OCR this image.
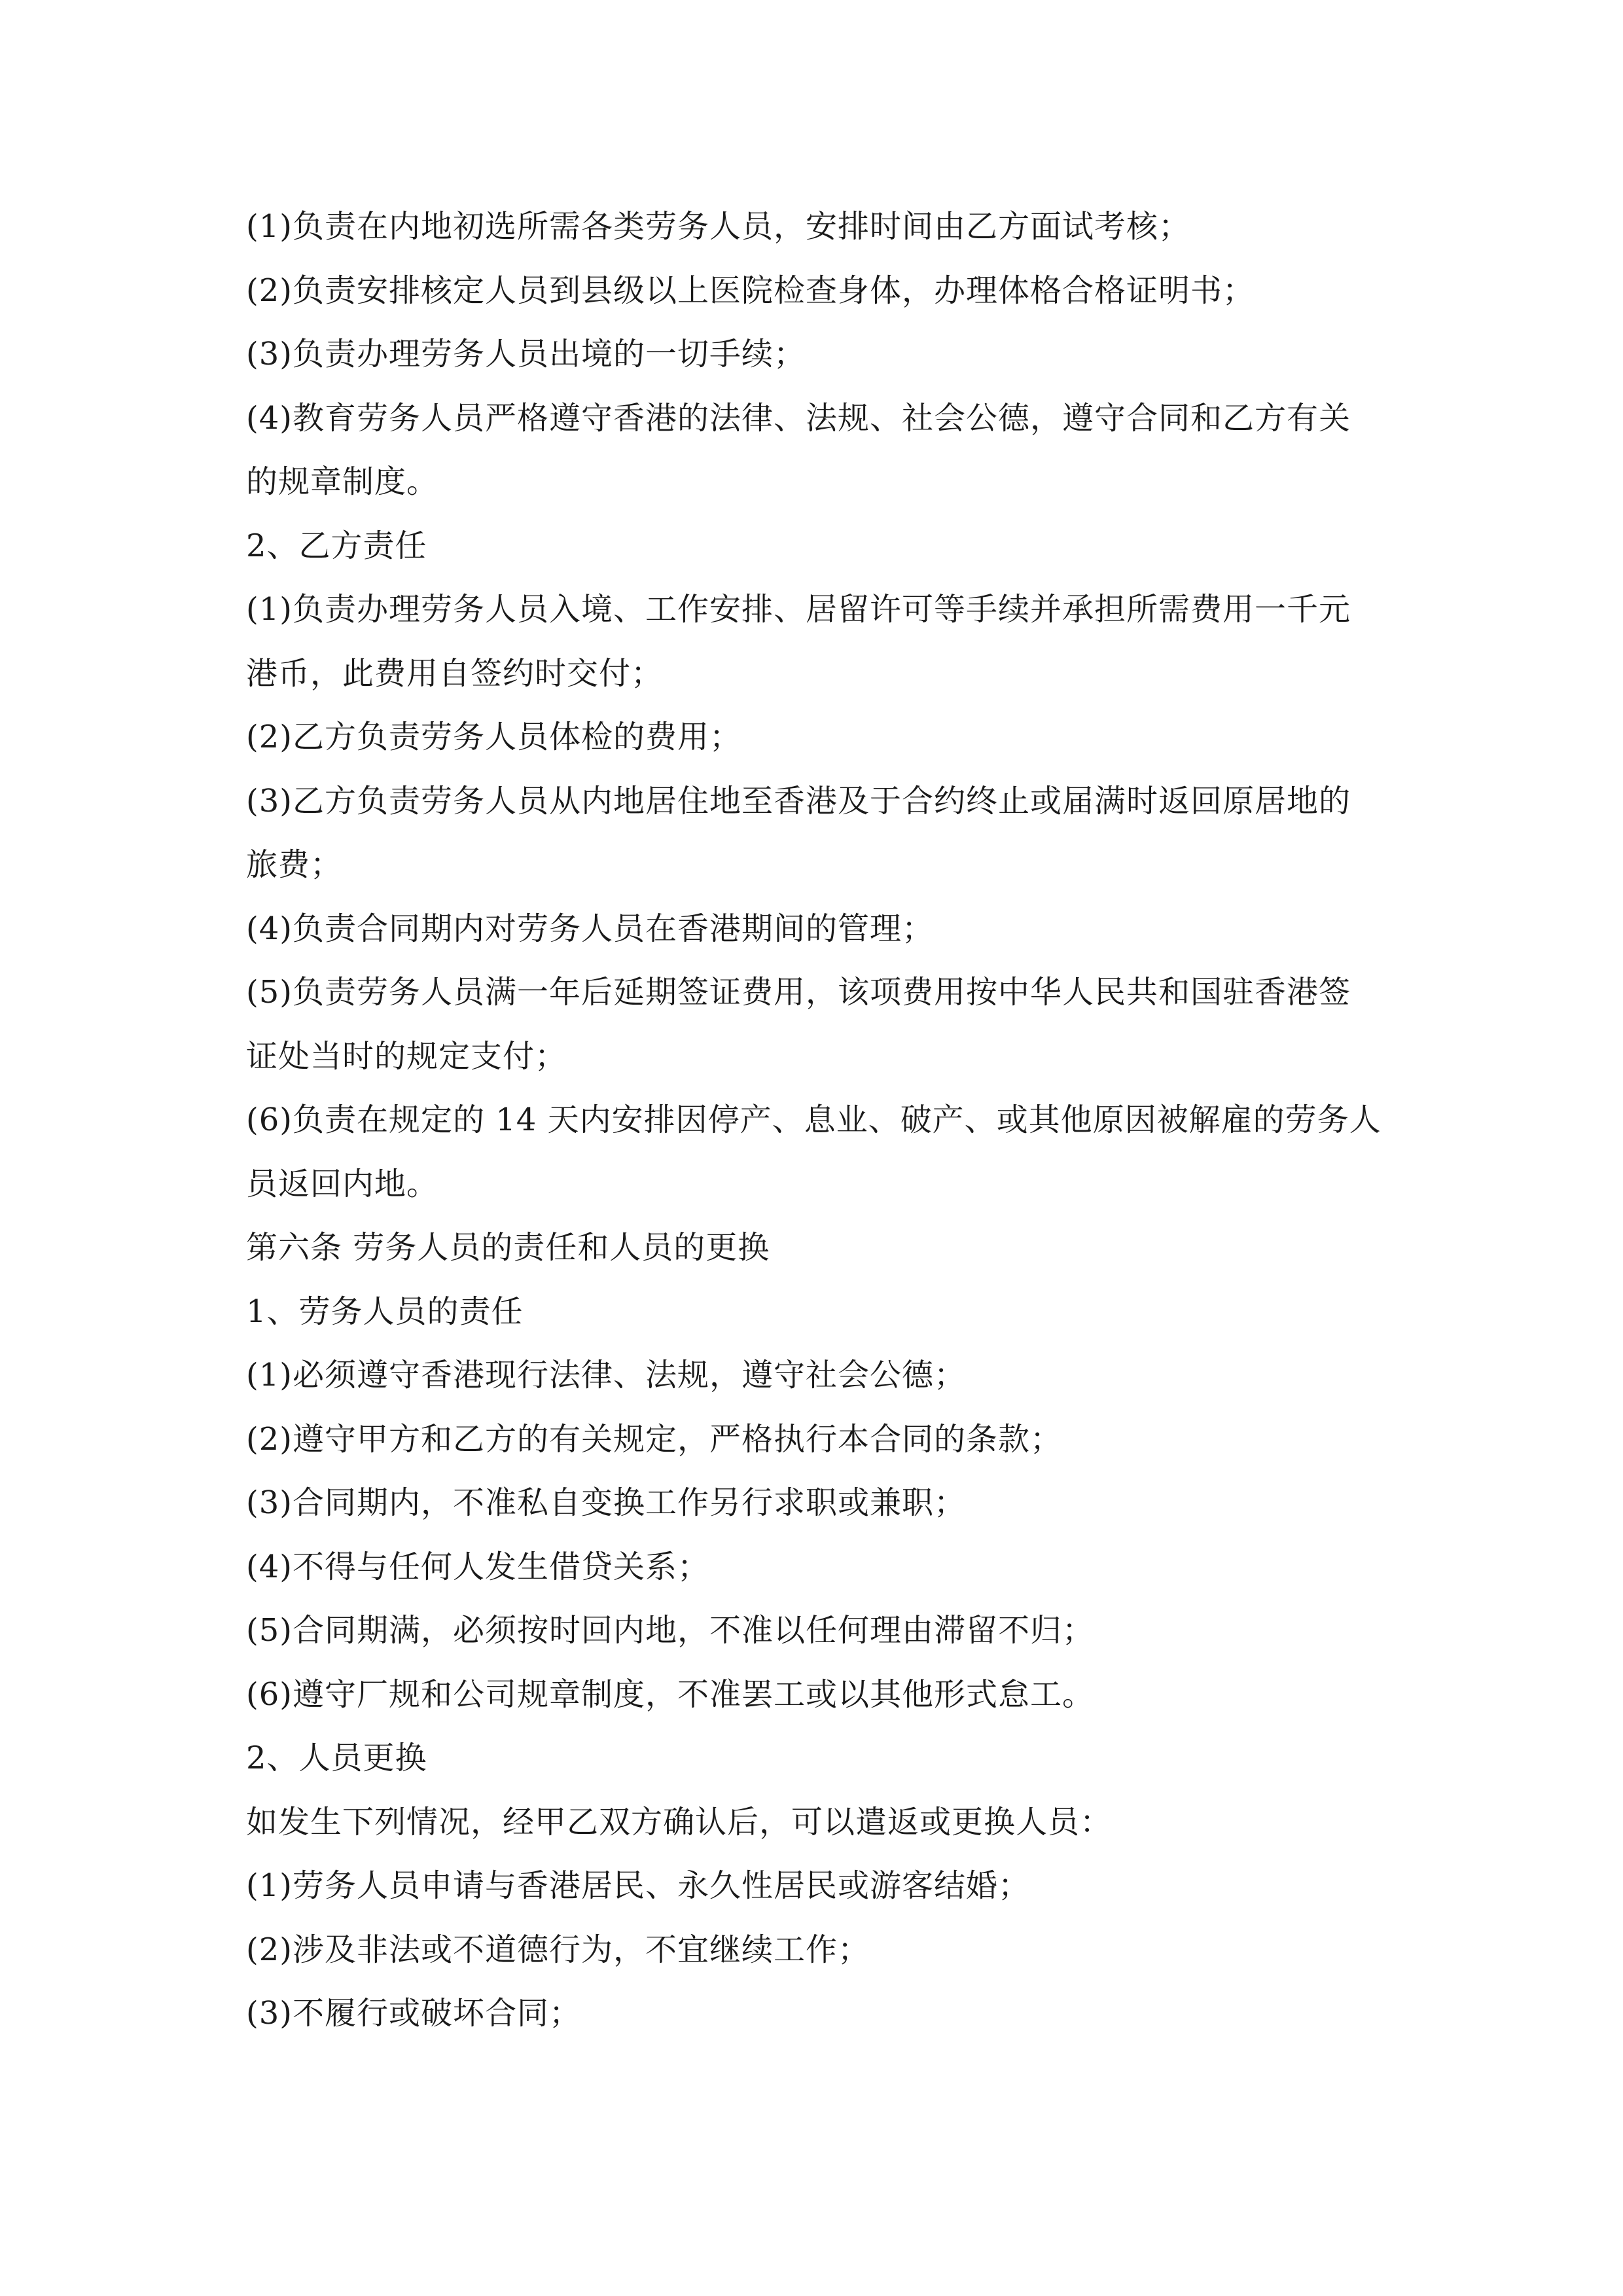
(1)负责在内地初选所需各类劳务人员，安排时间由乙方面试考核；
(2)负责安排核定人员到县级以上医院检查身体，办理体格合格证明书；
(3)负责办理劳务人员出境的一切手续；
(4)教育劳务人员严格遵守香港的法律、法规、社会公德，遵守合同和乙方有关
的规章制度。
2、乙方责任
(1)负责办理劳务人员入境、工作安排、居留许可等手续并承担所需费用一千元
港币，此费用自签约时交付；
(2)乙方负责劳务人员体检的费用；
(3)乙方负责劳务人员从内地居住地至香港及于合约终止或届满时返回原居地的
旅费；
(4)负责合同期内对劳务人员在香港期间的管理；
(5)负责劳务人员满一年后延期签证费用，该项费用按中华人民共和国驻香港签
证处当时的规定支付；
(6)负责在规定的 14 天内安排因停产、息业、破产、或其他原因被解雇的劳务人
员返回内地。
第六条 劳务人员的责任和人员的更换
1、劳务人员的责任
(1)必须遵守香港现行法律、法规，遵守社会公德；
(2)遵守甲方和乙方的有关规定，严格执行本合同的条款；
(3)合同期内，不准私自变换工作另行求职或兼职；
(4)不得与任何人发生借贷关系；
(5)合同期满，必须按时回内地，不准以任何理由滞留不归；
(6)遵守厂规和公司规章制度，不准罢工或以其他形式怠工。
2、人员更换
如发生下列情况，经甲乙双方确认后，可以遣返或更换人员：
(1)劳务人员申请与香港居民、永久性居民或游客结婚；
(2)涉及非法或不道德行为，不宜继续工作；
(3)不履行或破坏合同；
